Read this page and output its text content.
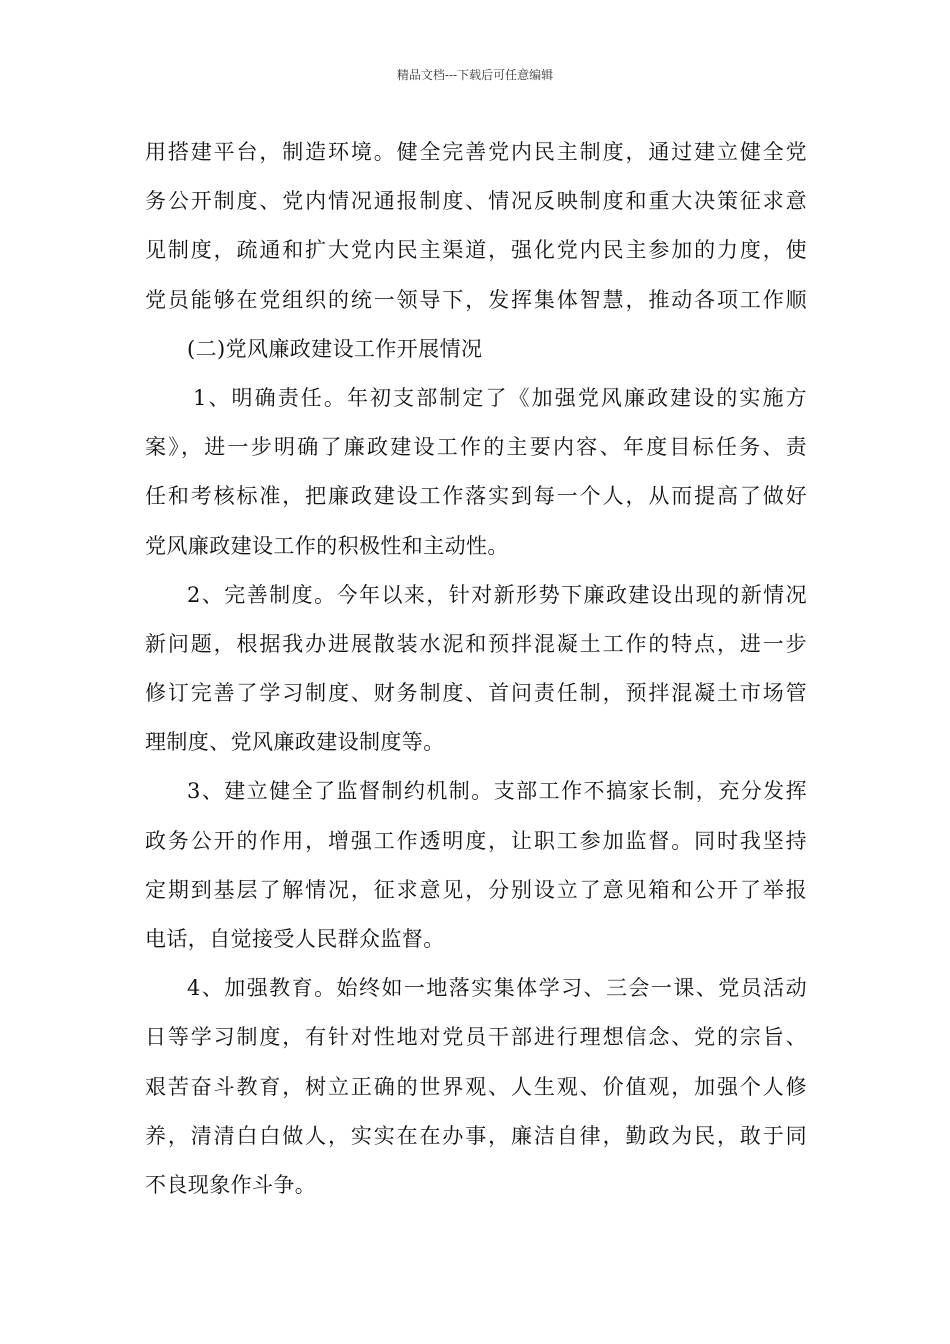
精品文档---下载后可任意编辑
用搭建平台，制造环境。健全完善党内民主制度，通过建立健全党
务公开制度、党内情况通报制度、情况反映制度和重大决策征求意
见制度，疏通和扩大党内民主渠道，强化党内民主参加的力度，使
党员能够在党组织的统一领导下，发挥集体智慧，推动各项工作顺
(二)党风廉政建设工作开展情况
1、明确责任。年初支部制定了《加强党风廉政建设的实施方
案》，进一步明确了廉政建设工作的主要内容、年度目标任务、责
任和考核标准，把廉政建设工作落实到每一个人，从而提高了做好
党风廉政建设工作的积极性和主动性。
2、完善制度。今年以来，针对新形势下廉政建设出现的新情况
新问题，根据我办进展散装水泥和预拌混凝土工作的特点，进一步
修订完善了学习制度、财务制度、首问责任制，预拌混凝土市场管
理制度、党风廉政建设制度等。
3、建立健全了监督制约机制。支部工作不搞家长制，充分发挥
政务公开的作用，增强工作透明度，让职工参加监督。同时我坚持
定期到基层了解情况，征求意见，分别设立了意见箱和公开了举报
电话，自觉接受人民群众监督。
4、加强教育。始终如一地落实集体学习、三会一课、党员活动
日等学习制度，有针对性地对党员干部进行理想信念、党的宗旨、
艰苦奋斗教育，树立正确的世界观、人生观、价值观，加强个人修
养，清清白白做人，实实在在办事，廉洁自律，勤政为民，敢于同
不良现象作斗争。
